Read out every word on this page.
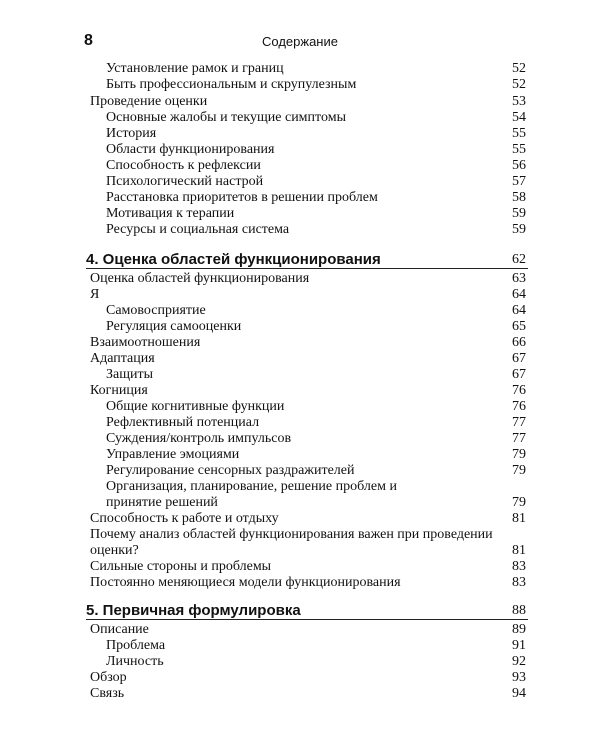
8	Содержание
Установление рамок и границ	52
Быть профессиональным и скрупулезным	52
Проведение оценки	53
Основные жалобы и текущие симптомы	54
История	55
Области функционирования	55
Способность к рефлексии	56
Психологический настрой	57
Расстановка приоритетов в решении проблем	58
Мотивация к терапии	59
Ресурсы и социальная система	59
4. Оценка областей функционирования	62
Оценка областей функционирования	63
Я	64
Самовосприятие	64
Регуляция самооценки	65
Взаимоотношения	66
Адаптация	67
Защиты	67
Когниция	76
Общие когнитивные функции	76
Рефлективный потенциал	77
Суждения/контроль импульсов	77
Управление эмоциями	79
Регулирование сенсорных раздражителей	79
Организация, планирование, решение проблем и принятие решений	79
Способность к работе и отдыху	81
Почему анализ областей функционирования важен при проведении оценки?	81
Сильные стороны и проблемы	83
Постоянно меняющиеся модели функционирования	83
5. Первичная формулировка	88
Описание	89
Проблема	91
Личность	92
Обзор	93
Связь	94
